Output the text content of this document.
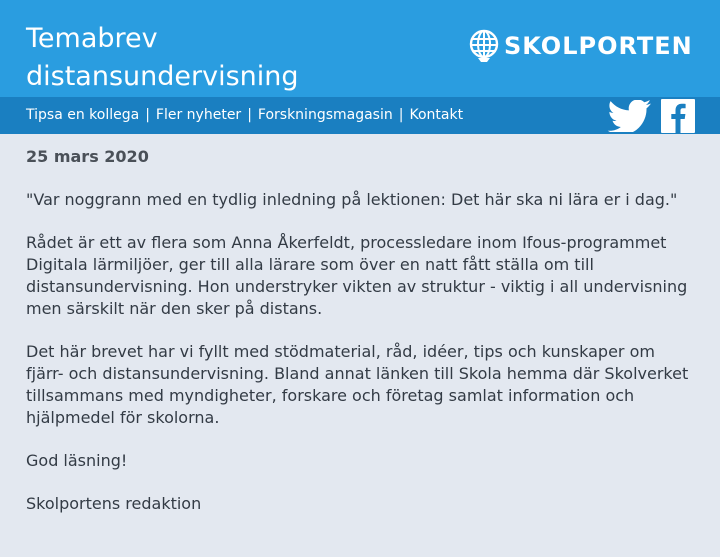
Temabrev
distansundervisning
SKOLPORTEN
Tipsa en kollega | Fler nyheter | Forskningsmagasin | Kontakt

25 mars 2020

"Var noggrann med en tydlig inledning på lektionen: Det här ska ni lära er i dag."

Rådet är ett av flera som Anna Åkerfeldt, processledare inom Ifous-programmet Digitala lärmiljöer, ger till alla lärare som över en natt fått ställa om till distansundervisning. Hon understryker vikten av struktur - viktig i all undervisning men särskilt när den sker på distans.

Det här brevet har vi fyllt med stödmaterial, råd, idéer, tips och kunskaper om fjärr- och distansundervisning. Bland annat länken till Skola hemma där Skolverket tillsammans med myndigheter, forskare och företag samlat information och hjälpmedel för skolorna.

God läsning!

Skolportens redaktion
